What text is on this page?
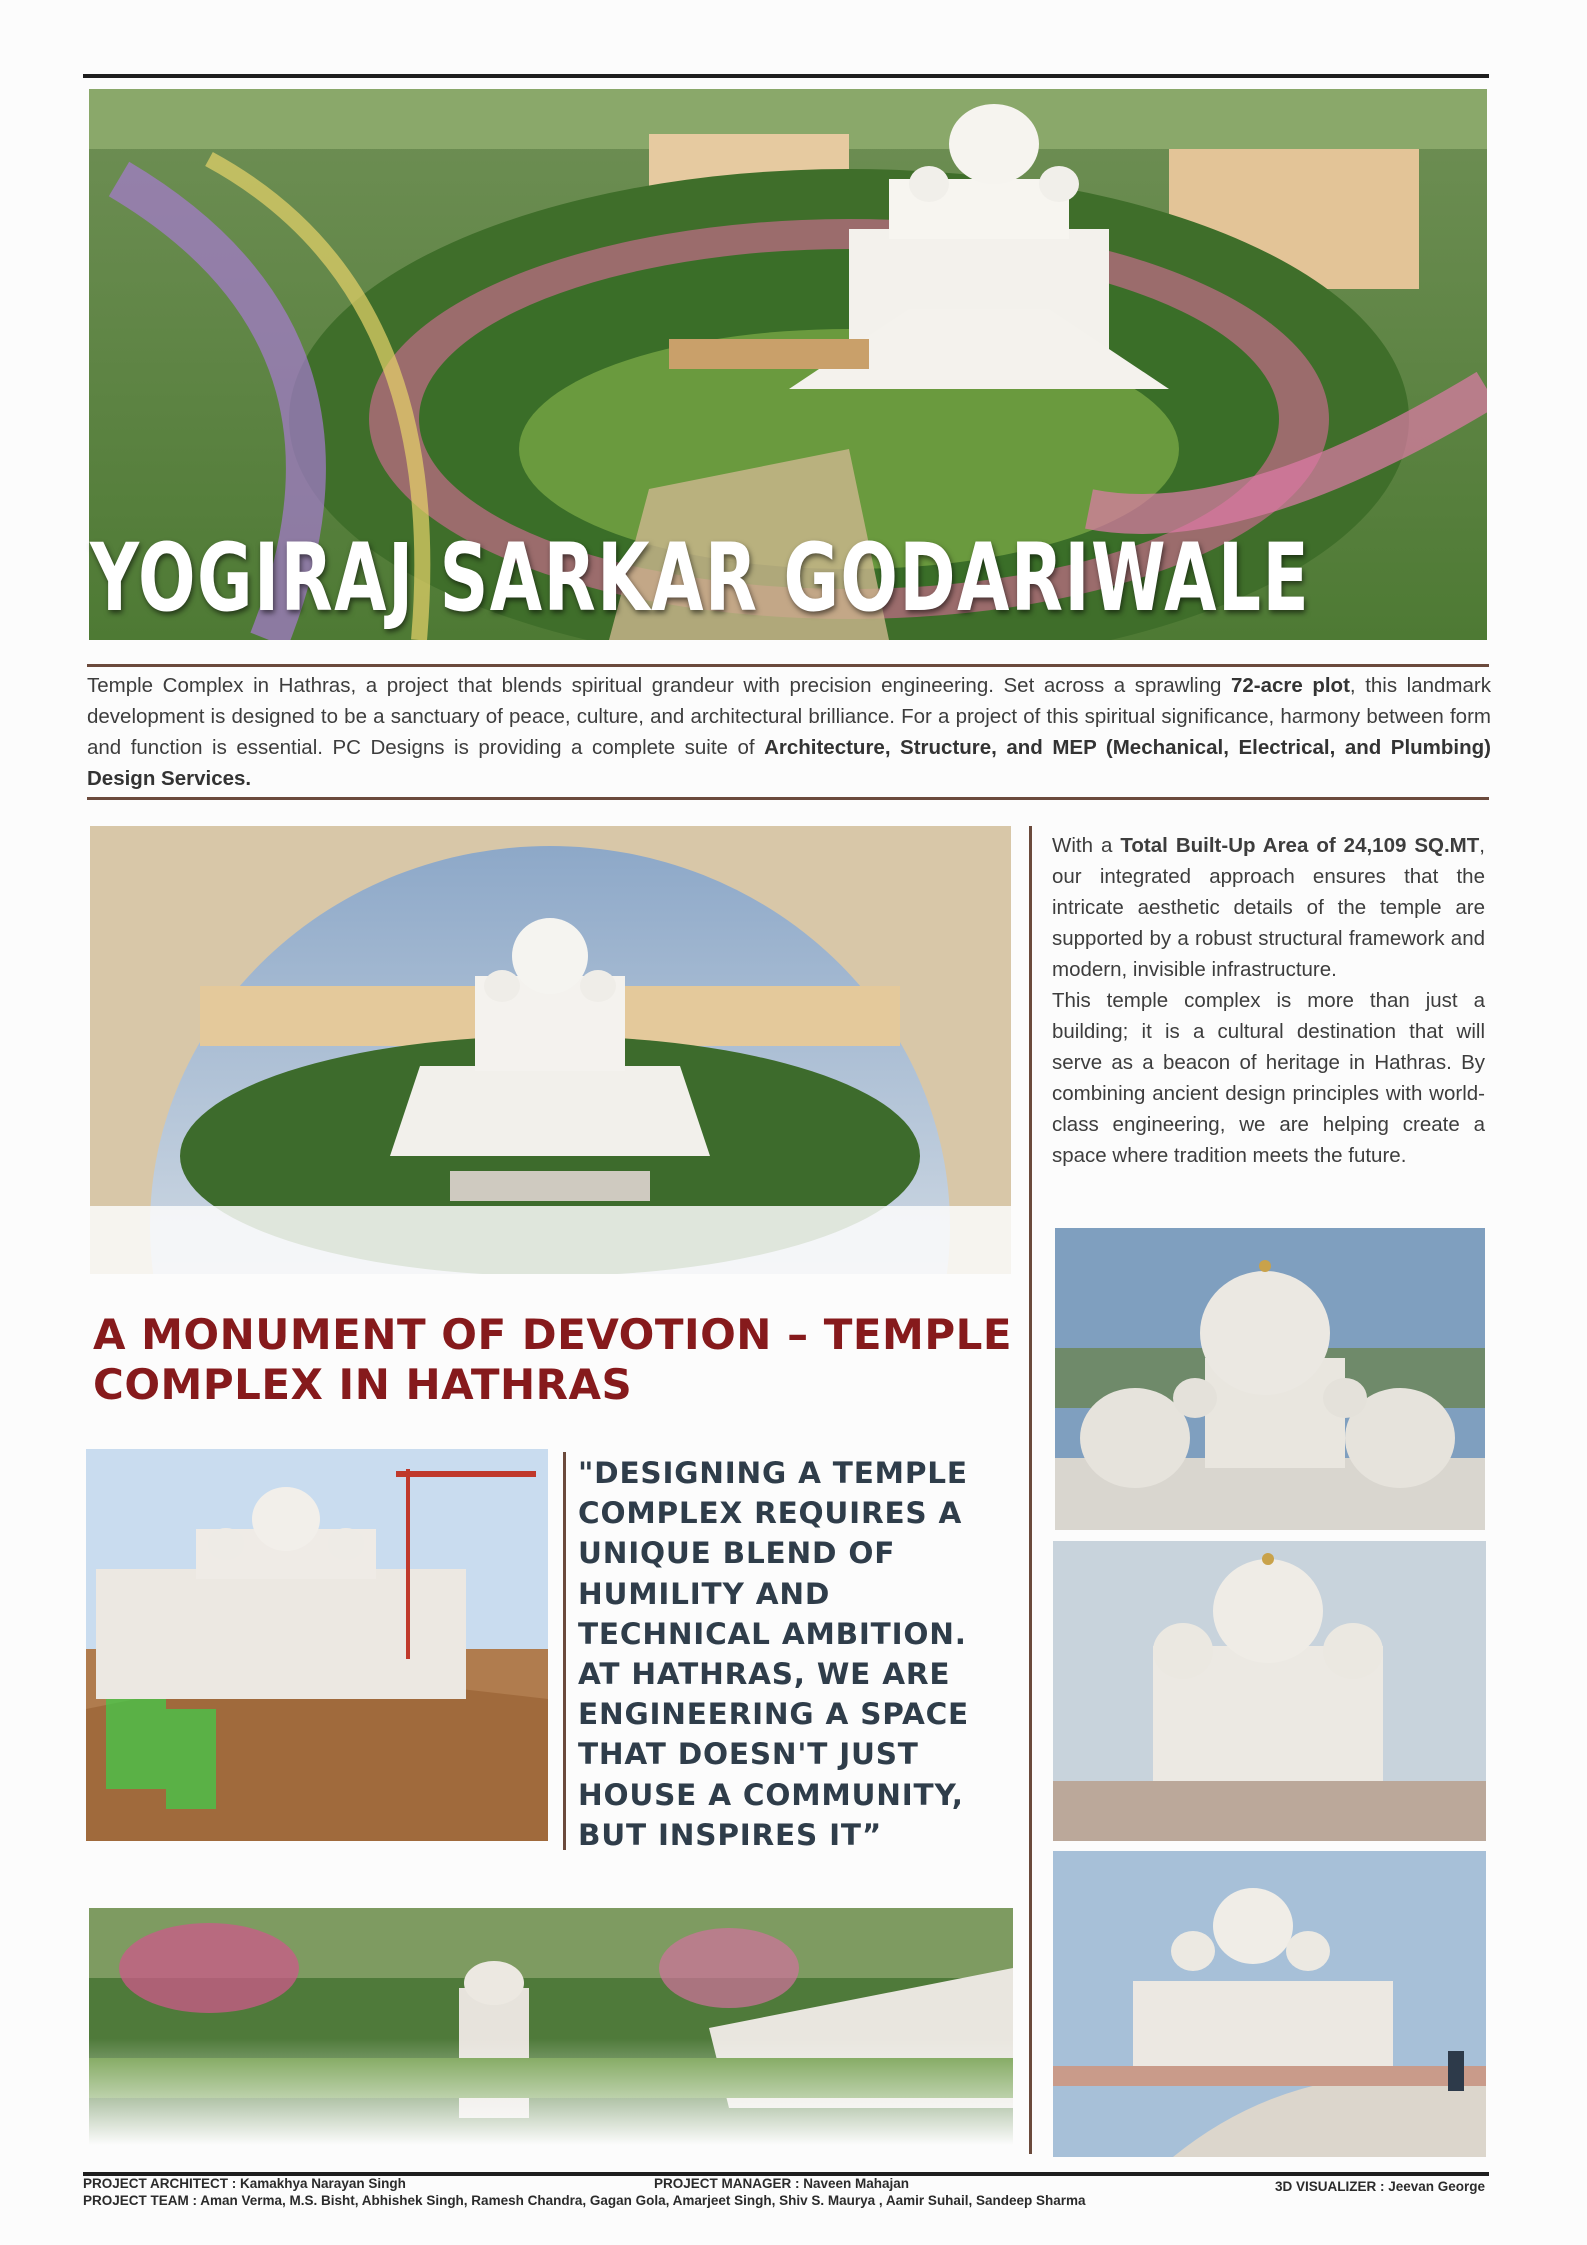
YOGIRAJ SARKAR GODARIWALE

Temple Complex in Hathras, a project that blends spiritual grandeur with precision engineering. Set across a sprawling 72-acre plot, this landmark development is designed to be a sanctuary of peace, culture, and architectural brilliance. For a project of this spiritual significance, harmony between form and function is essential. PC Designs is providing a complete suite of Architecture, Structure, and MEP (Mechanical, Electrical, and Plumbing) Design Services.

With a Total Built-Up Area of 24,109 SQ.MT, our integrated approach ensures that the intricate aesthetic details of the temple are supported by a robust structural framework and modern, invisible infrastructure.

This temple complex is more than just a building; it is a cultural destination that will serve as a beacon of heritage in Hathras. By combining ancient design principles with world-class engineering, we are helping create a space where tradition meets the future.

A MONUMENT OF DEVOTION – TEMPLE COMPLEX IN HATHRAS

"DESIGNING A TEMPLE COMPLEX REQUIRES A UNIQUE BLEND OF HUMILITY AND TECHNICAL AMBITION. AT HATHRAS, WE ARE ENGINEERING A SPACE THAT DOESN'T JUST HOUSE A COMMUNITY, BUT INSPIRES IT”

PROJECT ARCHITECT : Kamakhya Narayan Singh	PROJECT MANAGER : Naveen Mahajan	3D VISUALIZER : Jeevan George
PROJECT TEAM : Aman Verma, M.S. Bisht, Abhishek Singh, Ramesh Chandra, Gagan Gola, Amarjeet Singh, Shiv S. Maurya , Aamir Suhail, Sandeep Sharma
